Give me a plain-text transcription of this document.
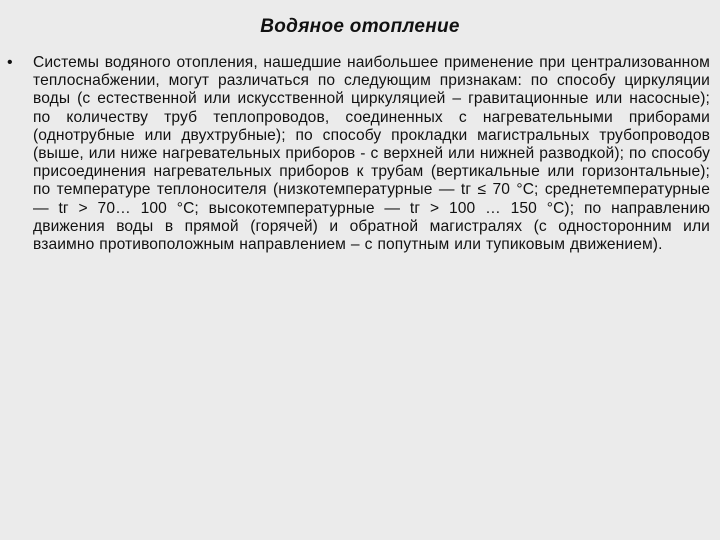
Водяное отопление
• Системы водяного отопления, нашедшие наибольшее применение при централизованном теплоснабжении, могут различаться по следующим признакам: по способу циркуляции воды (с естественной или искусственной циркуляцией – гравитационные или насосные); по количеству труб теплопроводов, соединенных с нагревательными приборами (однотрубные или двухтрубные); по способу прокладки магистральных трубопроводов (выше, или ниже нагревательных приборов - с верхней или нижней разводкой); по способу присоединения нагревательных приборов к трубам (вертикальные или горизонтальные); по температуре теплоносителя (низкотемпературные — tг ≤ 70 °С; среднетемпературные — tг > 70… 100 °С; высокотемпературные — tг > 100 … 150 °С); по направлению движения воды в прямой (горячей) и обратной магистралях (с односторонним или взаимно противоположным направлением – с попутным или тупиковым движением).
